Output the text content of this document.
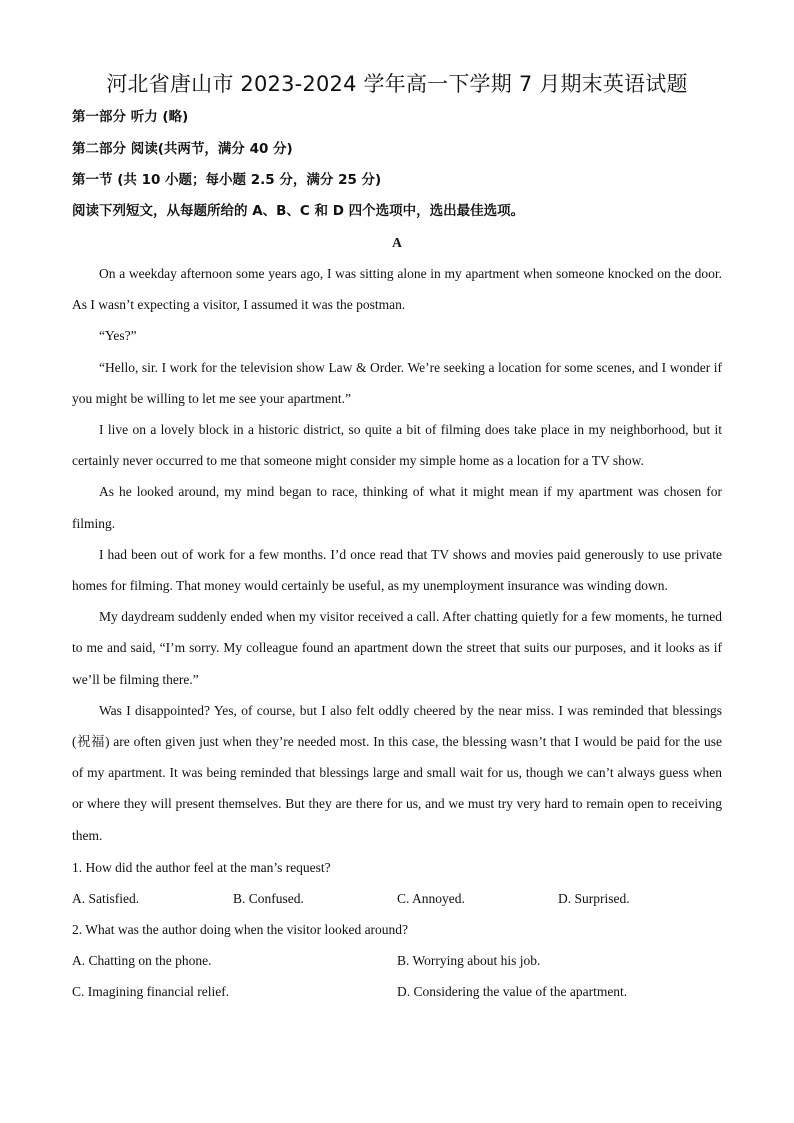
河北省唐山市 2023-2024 学年高一下学期 7 月期末英语试题
第一部分 听力 (略)
第二部分 阅读(共两节，满分 40 分)
第一节 (共 10 小题；每小题 2.5 分，满分 25 分)
阅读下列短文，从每题所给的 A、B、C 和 D 四个选项中，选出最佳选项。
A

On a weekday afternoon some years ago, I was sitting alone in my apartment when someone knocked on the door. As I wasn’t expecting a visitor, I assumed it was the postman.

“Yes?”

“Hello, sir. I work for the television show Law & Order. We’re seeking a location for some scenes, and I wonder if you might be willing to let me see your apartment.”

I live on a lovely block in a historic district, so quite a bit of filming does take place in my neighborhood, but it certainly never occurred to me that someone might consider my simple home as a location for a TV show.

As he looked around, my mind began to race, thinking of what it might mean if my apartment was chosen for filming.

I had been out of work for a few months. I’d once read that TV shows and movies paid generously to use private homes for filming. That money would certainly be useful, as my unemployment insurance was winding down.

My daydream suddenly ended when my visitor received a call. After chatting quietly for a few moments, he turned to me and said, “I’m sorry. My colleague found an apartment down the street that suits our purposes, and it looks as if we’ll be filming there.”

Was I disappointed? Yes, of course, but I also felt oddly cheered by the near miss. I was reminded that blessings (祝福) are often given just when they’re needed most. In this case, the blessing wasn’t that I would be paid for the use of my apartment. It was being reminded that blessings large and small wait for us, though we can’t always guess when or where they will present themselves. But they are there for us, and we must try very hard to remain open to receiving them.

1. How did the author feel at the man’s request?
A. Satisfied.	B. Confused.	C. Annoyed.	D. Surprised.
2. What was the author doing when the visitor looked around?
A. Chatting on the phone.	B. Worrying about his job.
C. Imagining financial relief.	D. Considering the value of the apartment.
